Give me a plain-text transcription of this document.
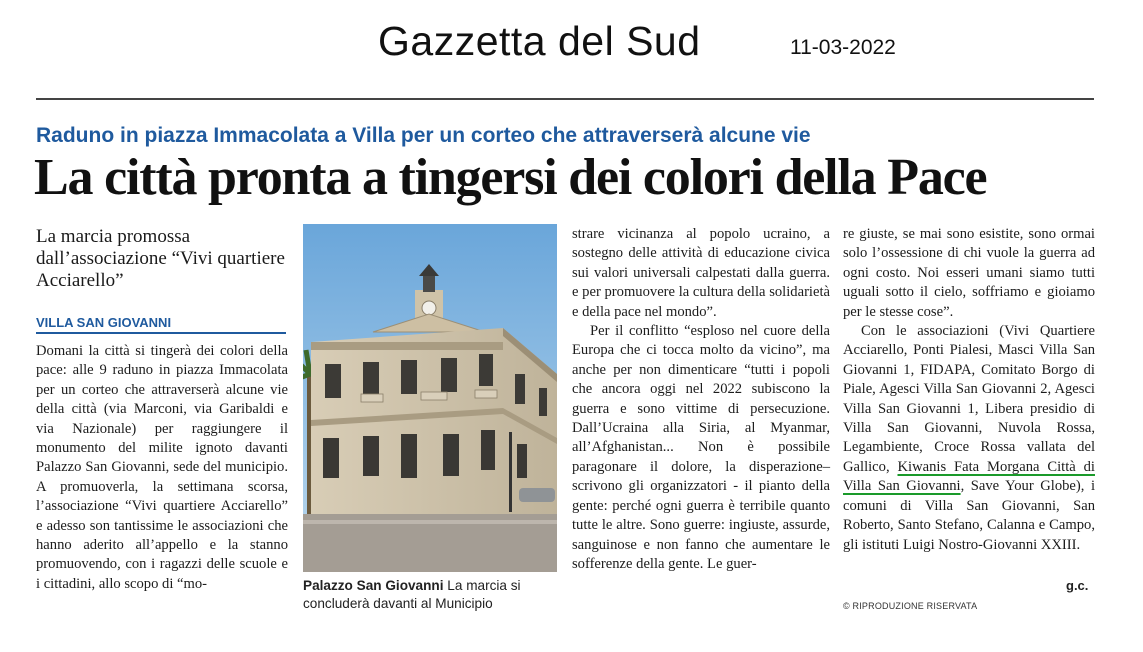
Gazzetta del Sud	11-03-2022
Raduno in piazza Immacolata a Villa per un corteo che attraverserà alcune vie
La città pronta a tingersi dei colori della Pace
La marcia promossa dall’associazione “Vivi quartiere Acciarello”
VILLA SAN GIOVANNI

Domani la città si tingerà dei colori della pace: alle 9 raduno in piazza Immacolata per un corteo che attraverserà alcune vie della città (via Marconi, via Garibaldi e via Nazionale) per raggiungere il monumento del milite ignoto davanti Palazzo San Giovanni, sede del municipio. A promuoverla, la settimana scorsa, l’associazione “Vivi quartiere Acciarello” e adesso son tantissime le associazioni che hanno aderito all’appello e la stanno promuovendo, con i ragazzi delle scuole e i cittadini, allo scopo di “mo-	Palazzo San Giovanni La marcia si concluderà davanti al Municipio

strare vicinanza al popolo ucraino, a sostegno delle attività di educazione civica sui valori universali calpestati dalla guerra. e per promuovere la cultura della solidarietà e della pace nel mondo”.

Per il conflitto “esploso nel cuore della Europa che ci tocca molto da vicino”, ma anche per non dimenticare “tutti i popoli che ancora oggi nel 2022 subiscono la guerra e sono vittime di persecuzione. Dall’Ucraina alla Siria, al Myanmar, all’Afghanistan... Non è possibile paragonare il dolore, la disperazione–scrivono gli organizzatori - il pianto della gente: perché ogni guerra è terribile quanto tutte le altre. Sono guerre: ingiuste, assurde, sanguinose e non fanno che aumentare le sofferenze della gente. Le guer-

re giuste, se mai sono esistite, sono ormai solo l’ossessione di chi vuole la guerra ad ogni costo. Noi esseri umani siamo tutti uguali sotto il cielo, soffriamo e gioiamo per le stesse cose”.

Con le associazioni (Vivi Quartiere Acciarello, Ponti Pialesi, Masci Villa San Giovanni 1, FIDAPA, Comitato Borgo di Piale, Agesci Villa San Giovanni 2, Agesci Villa San Giovanni 1, Libera presidio di Villa San Giovanni, Nuvola Rossa, Legambiente, Croce Rossa vallata del Gallico, Kiwanis Fata Morgana Città di Villa San Giovanni, Save Your Globe), i comuni di Villa San Giovanni, San Roberto, Santo Stefano, Calanna e Campo, gli istituti Luigi Nostro-Giovanni XXIII.

g.c.
© RIPRODUZIONE RISERVATA
